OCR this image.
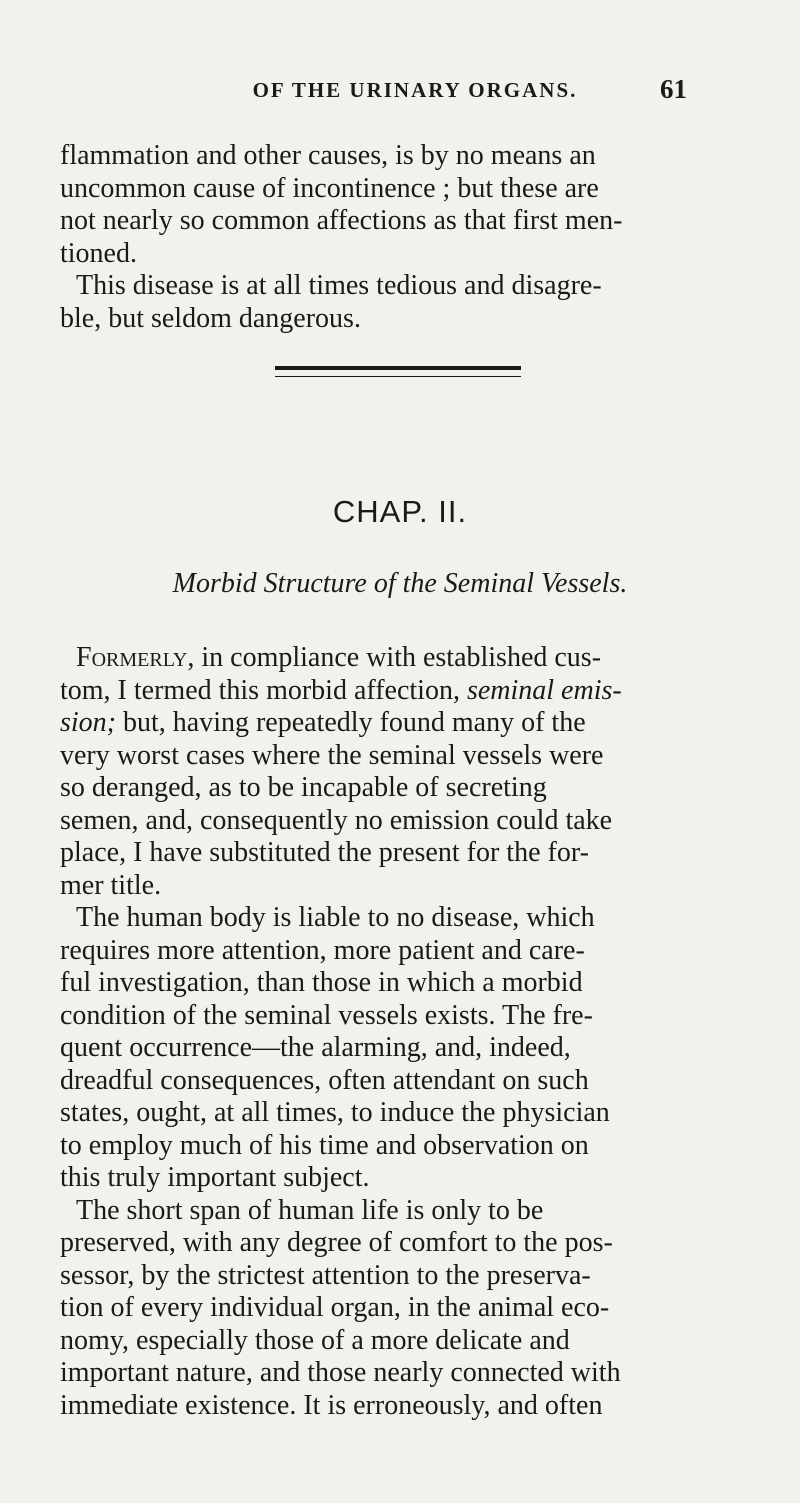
OF THE URINARY ORGANS.	61

flammation and other causes, is by no means an
uncommon cause of incontinence ; but these are
not nearly so common affections as that first men-
tioned.

This disease is at all times tedious and disagre-
ble, but seldom dangerous.

CHAP. II.
Morbid Structure of the Seminal Vessels.

Formerly, in compliance with established cus-
tom, I termed this morbid affection, seminal emis-
sion; but, having repeatedly found many of the
very worst cases where the seminal vessels were
so deranged, as to be incapable of secreting
semen, and, consequently no emission could take
place, I have substituted the present for the for-
mer title.

The human body is liable to no disease, which
requires more attention, more patient and care-
ful investigation, than those in which a morbid
condition of the seminal vessels exists. The fre-
quent occurrence—the alarming, and, indeed,
dreadful consequences, often attendant on such
states, ought, at all times, to induce the physician
to employ much of his time and observation on
this truly important subject.

The short span of human life is only to be
preserved, with any degree of comfort to the pos-
sessor, by the strictest attention to the preserva-
tion of every individual organ, in the animal eco-
nomy, especially those of a more delicate and
important nature, and those nearly connected with
immediate existence. It is erroneously, and often
